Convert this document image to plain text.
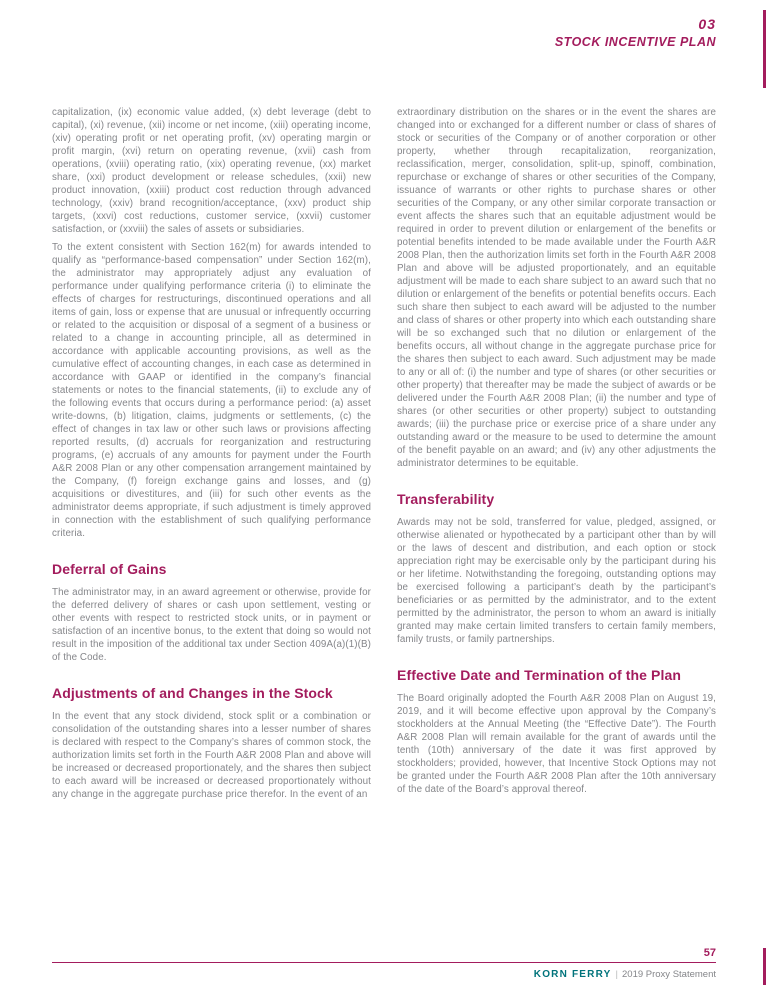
03
STOCK INCENTIVE PLAN

capitalization, (ix) economic value added, (x) debt leverage (debt to capital), (xi) revenue, (xii) income or net income, (xiii) operating income, (xiv) operating profit or net operating profit, (xv) operating margin or profit margin, (xvi) return on operating revenue, (xvii) cash from operations, (xviii) operating ratio, (xix) operating revenue, (xx) market share, (xxi) product development or release schedules, (xxii) new product innovation, (xxiii) product cost reduction through advanced technology, (xxiv) brand recognition/acceptance, (xxv) product ship targets, (xxvi) cost reductions, customer service, (xxvii) customer satisfaction, or (xxviii) the sales of assets or subsidiaries.

To the extent consistent with Section 162(m) for awards intended to qualify as “performance-based compensation” under Section 162(m), the administrator may appropriately adjust any evaluation of performance under qualifying performance criteria (i) to eliminate the effects of charges for restructurings, discontinued operations and all items of gain, loss or expense that are unusual or infrequently occurring or related to the acquisition or disposal of a segment of a business or related to a change in accounting principle, all as determined in accordance with applicable accounting provisions, as well as the cumulative effect of accounting changes, in each case as determined in accordance with GAAP or identified in the company’s financial statements or notes to the financial statements, (ii) to exclude any of the following events that occurs during a performance period: (a) asset write-downs, (b) litigation, claims, judgments or settlements, (c) the effect of changes in tax law or other such laws or provisions affecting reported results, (d) accruals for reorganization and restructuring programs, (e) accruals of any amounts for payment under the Fourth A&R 2008 Plan or any other compensation arrangement maintained by the Company, (f) foreign exchange gains and losses, and (g) acquisitions or divestitures, and (iii) for such other events as the administrator deems appropriate, if such adjustment is timely approved in connection with the establishment of such qualifying performance criteria.

Deferral of Gains

The administrator may, in an award agreement or otherwise, provide for the deferred delivery of shares or cash upon settlement, vesting or other events with respect to restricted stock units, or in payment or satisfaction of an incentive bonus, to the extent that doing so would not result in the imposition of the additional tax under Section 409A(a)(1)(B) of the Code.

Adjustments of and Changes in the Stock

In the event that any stock dividend, stock split or a combination or consolidation of the outstanding shares into a lesser number of shares is declared with respect to the Company’s shares of common stock, the authorization limits set forth in the Fourth A&R 2008 Plan and above will be increased or decreased proportionately, and the shares then subject to each award will be increased or decreased proportionately without any change in the aggregate purchase price therefor. In the event of an

extraordinary distribution on the shares or in the event the shares are changed into or exchanged for a different number or class of shares of stock or securities of the Company or of another corporation or other property, whether through recapitalization, reorganization, reclassification, merger, consolidation, split-up, spinoff, combination, repurchase or exchange of shares or other securities of the Company, issuance of warrants or other rights to purchase shares or other securities of the Company, or any other similar corporate transaction or event affects the shares such that an equitable adjustment would be required in order to prevent dilution or enlargement of the benefits or potential benefits intended to be made available under the Fourth A&R 2008 Plan, then the authorization limits set forth in the Fourth A&R 2008 Plan and above will be adjusted proportionately, and an equitable adjustment will be made to each share subject to an award such that no dilution or enlargement of the benefits or potential benefits occurs. Each such share then subject to each award will be adjusted to the number and class of shares or other property into which each outstanding share will be so exchanged such that no dilution or enlargement of the benefits occurs, all without change in the aggregate purchase price for the shares then subject to each award. Such adjustment may be made to any or all of: (i) the number and type of shares (or other securities or other property) that thereafter may be made the subject of awards or be delivered under the Fourth A&R 2008 Plan; (ii) the number and type of shares (or other securities or other property) subject to outstanding awards; (iii) the purchase price or exercise price of a share under any outstanding award or the measure to be used to determine the amount of the benefit payable on an award; and (iv) any other adjustments the administrator determines to be equitable.

Transferability

Awards may not be sold, transferred for value, pledged, assigned, or otherwise alienated or hypothecated by a participant other than by will or the laws of descent and distribution, and each option or stock appreciation right may be exercisable only by the participant during his or her lifetime. Notwithstanding the foregoing, outstanding options may be exercised following a participant’s death by the participant’s beneficiaries or as permitted by the administrator, and to the extent permitted by the administrator, the person to whom an award is initially granted may make certain limited transfers to certain family members, family trusts, or family partnerships.

Effective Date and Termination of the Plan

The Board originally adopted the Fourth A&R 2008 Plan on August 19, 2019, and it will become effective upon approval by the Company’s stockholders at the Annual Meeting (the “Effective Date”). The Fourth A&R 2008 Plan will remain available for the grant of awards until the tenth (10th) anniversary of the date it was first approved by stockholders; provided, however, that Incentive Stock Options may not be granted under the Fourth A&R 2008 Plan after the 10th anniversary of the date of the Board’s approval thereof.

57
KORN FERRY | 2019 Proxy Statement
